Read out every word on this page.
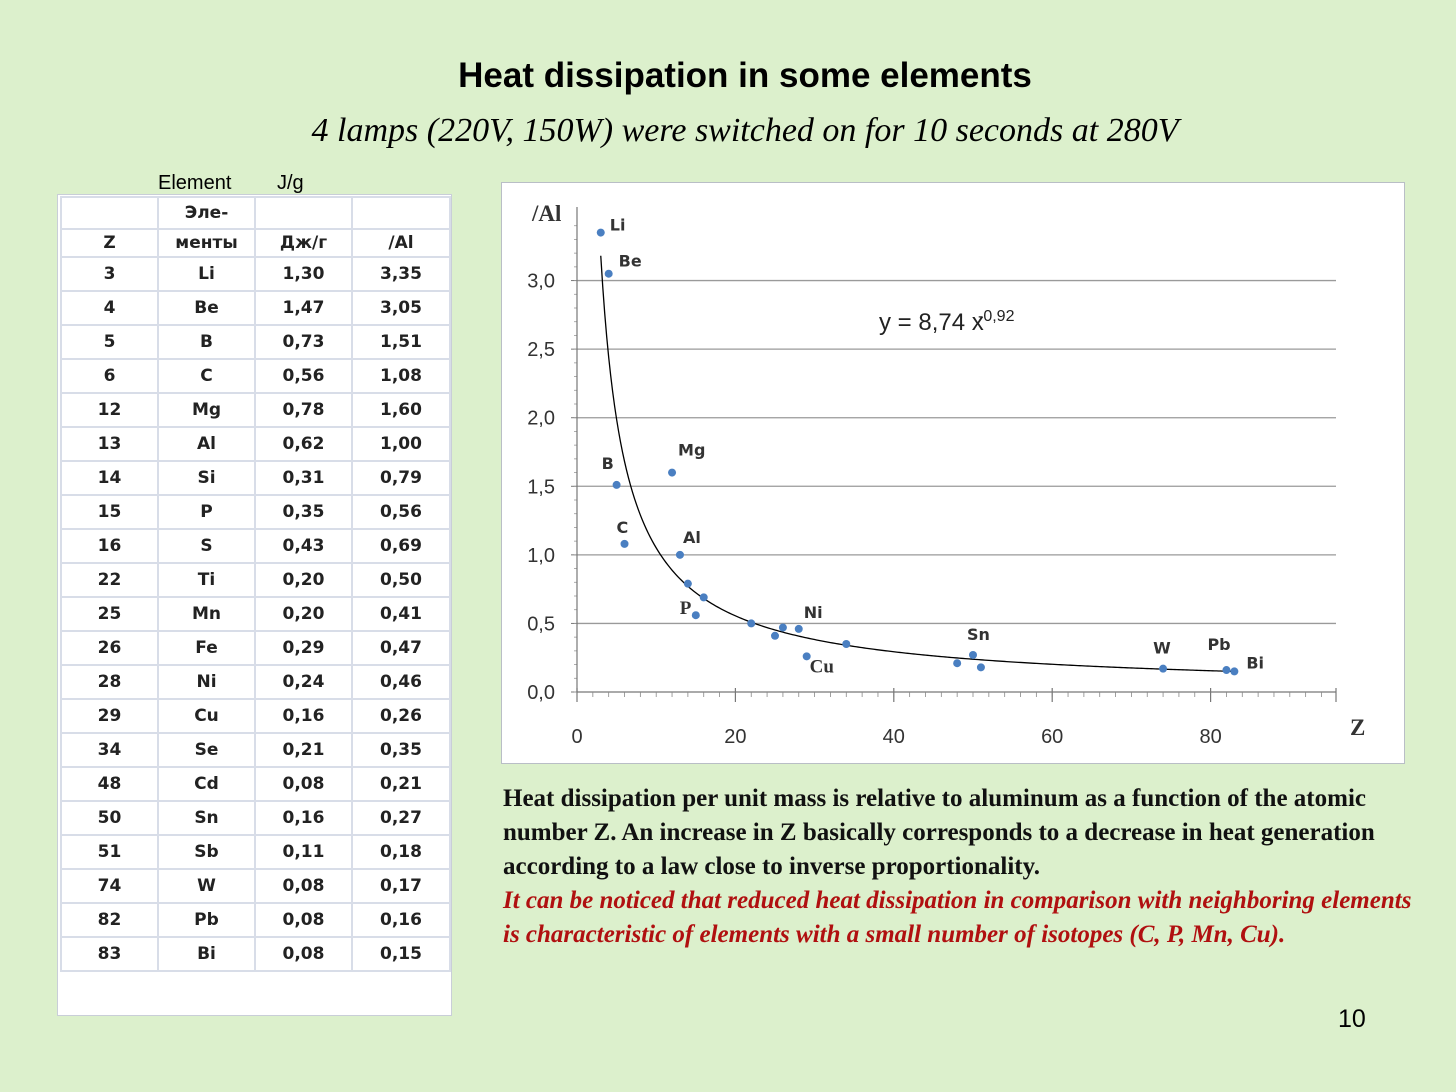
Heat dissipation in some elements
4 lamps (220V, 150W) were switched on for 10 seconds at 280V
Element J/g
	Эле-		
Z	менты	Дж/г	/Al
3	Li	1,30	3,35
4	Be	1,47	3,05
5	B	0,73	1,51
6	C	0,56	1,08
12	Mg	0,78	1,60
13	Al	0,62	1,00
14	Si	0,31	0,79
15	P	0,35	0,56
16	S	0,43	0,69
22	Ti	0,20	0,50
25	Mn	0,20	0,41
26	Fe	0,29	0,47
28	Ni	0,24	0,46
29	Cu	0,16	0,26
34	Se	0,21	0,35
48	Cd	0,08	0,21
50	Sn	0,16	0,27
51	Sb	0,11	0,18
74	W	0,08	0,17
82	Pb	0,08	0,16
83	Bi	0,08	0,15
0,0
0,5
1,0
1,5
2,0
2,5
3,0
0	20	40	60	80
/Al
Z
y = 8,74 x
-0,92
Li
Be
B
C
Mg
Al
P	Ni
Cu
Sn
W Pb
Bi

Heat dissipation per unit mass is relative to aluminum as a function of the atomic number Z. An increase in Z basically corresponds to a decrease in heat generation according to a law close to inverse proportionality.

It can be noticed that reduced heat dissipation in comparison with neighboring elements is characteristic of elements with a small number of isotopes (C, P, Mn, Cu).

10
